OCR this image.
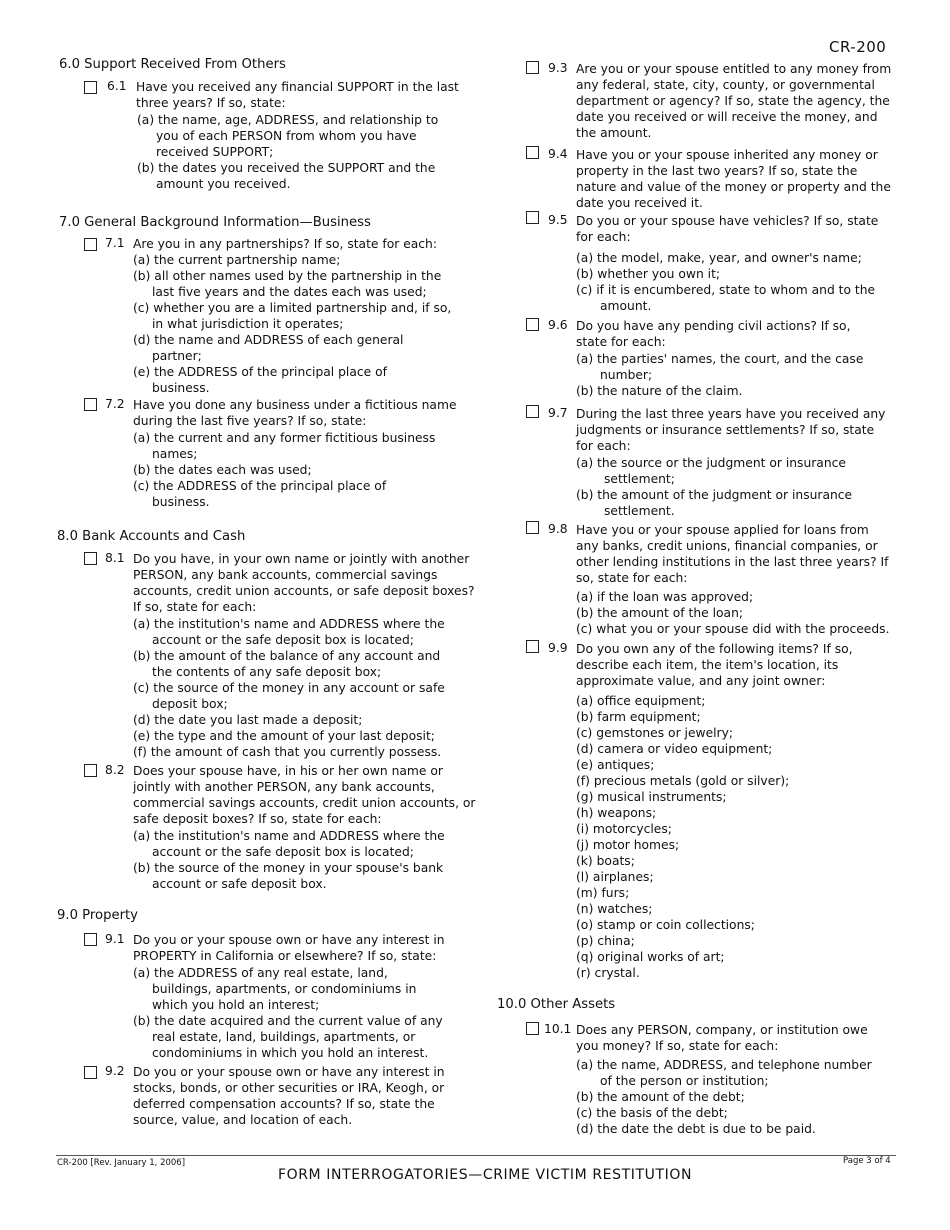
CR-200
6.0 Support Received From Others
7.0 General Background Information—Business
8.0 Bank Accounts and Cash
9.0 Property
10.0 Other Assets
6.1 Have you received any financial SUPPORT in the last
three years? If so, state:
(a) the name, age, ADDRESS, and relationship to
you of each PERSON from whom you have
received SUPPORT;
(b) the dates you received the SUPPORT and the
amount you received.
7.1 Are you in any partnerships? If so, state for each:
(a) the current partnership name;
(b) all other names used by the partnership in the
last five years and the dates each was used;
(c) whether you are a limited partnership and, if so,
in what jurisdiction it operates;
(d) the name and ADDRESS of each general
partner;
(e) the ADDRESS of the principal place of
business.
7.2 Have you done any business under a fictitious name
during the last five years? If so, state:
(a) the current and any former fictitious business
names;
(b) the dates each was used;
(c) the ADDRESS of the principal place of
business.
8.1 Do you have, in your own name or jointly with another
PERSON, any bank accounts, commercial savings
accounts, credit union accounts, or safe deposit boxes?
If so, state for each:
(a) the institution's name and ADDRESS where the
account or the safe deposit box is located;
(b) the amount of the balance of any account and
the contents of any safe deposit box;
(c) the source of the money in any account or safe
deposit box;
(d) the date you last made a deposit;
(e) the type and the amount of your last deposit;
(f) the amount of cash that you currently possess.
8.2 Does your spouse have, in his or her own name or
jointly with another PERSON, any bank accounts,
commercial savings accounts, credit union accounts, or
safe deposit boxes? If so, state for each:
(a) the institution's name and ADDRESS where the
account or the safe deposit box is located;
(b) the source of the money in your spouse's bank
account or safe deposit box.
9.1 Do you or your spouse own or have any interest in
PROPERTY in California or elsewhere? If so, state:
(a) the ADDRESS of any real estate, land,
buildings, apartments, or condominiums in
which you hold an interest;
(b) the date acquired and the current value of any
real estate, land, buildings, apartments, or
condominiums in which you hold an interest.
9.2 Do you or your spouse own or have any interest in
stocks, bonds, or other securities or IRA, Keogh, or
deferred compensation accounts? If so, state the
source, value, and location of each.
9.3 Are you or your spouse entitled to any money from
any federal, state, city, county, or governmental
department or agency? If so, state the agency, the
date you received or will receive the money, and
the amount.
9.4 Have you or your spouse inherited any money or
property in the last two years? If so, state the
nature and value of the money or property and the
date you received it.
9.5 Do you or your spouse have vehicles? If so, state
for each:
(a) the model, make, year, and owner's name;
(b) whether you own it;
(c) if it is encumbered, state to whom and to the
amount.
9.6 Do you have any pending civil actions? If so,
state for each:
(a) the parties' names, the court, and the case
number;
(b) the nature of the claim.
9.7 During the last three years have you received any
judgments or insurance settlements? If so, state
for each:
(a) the source or the judgment or insurance
settlement;
(b) the amount of the judgment or insurance
settlement.
9.8 Have you or your spouse applied for loans from
any banks, credit unions, financial companies, or
other lending institutions in the last three years? If
so, state for each:
(a) if the loan was approved;
(b) the amount of the loan;
(c) what you or your spouse did with the proceeds.
9.9 Do you own any of the following items? If so,
describe each item, the item's location, its
approximate value, and any joint owner:
(a) office equipment;
(b) farm equipment;
(c) gemstones or jewelry;
(d) camera or video equipment;
(e) antiques;
(f) precious metals (gold or silver);
(g) musical instruments;
(h) weapons;
(i) motorcycles;
(j) motor homes;
(k) boats;
(l) airplanes;
(m) furs;
(n) watches;
(o) stamp or coin collections;
(p) china;
(q) original works of art;
(r) crystal.
10.1 Does any PERSON, company, or institution owe
you money? If so, state for each:
(a) the name, ADDRESS, and telephone number
of the person or institution;
(b) the amount of the debt;
(c) the basis of the debt;
(d) the date the debt is due to be paid.
CR-200 [Rev. January 1, 2006]	Page 3 of 4
FORM INTERROGATORIES—CRIME VICTIM RESTITUTION
